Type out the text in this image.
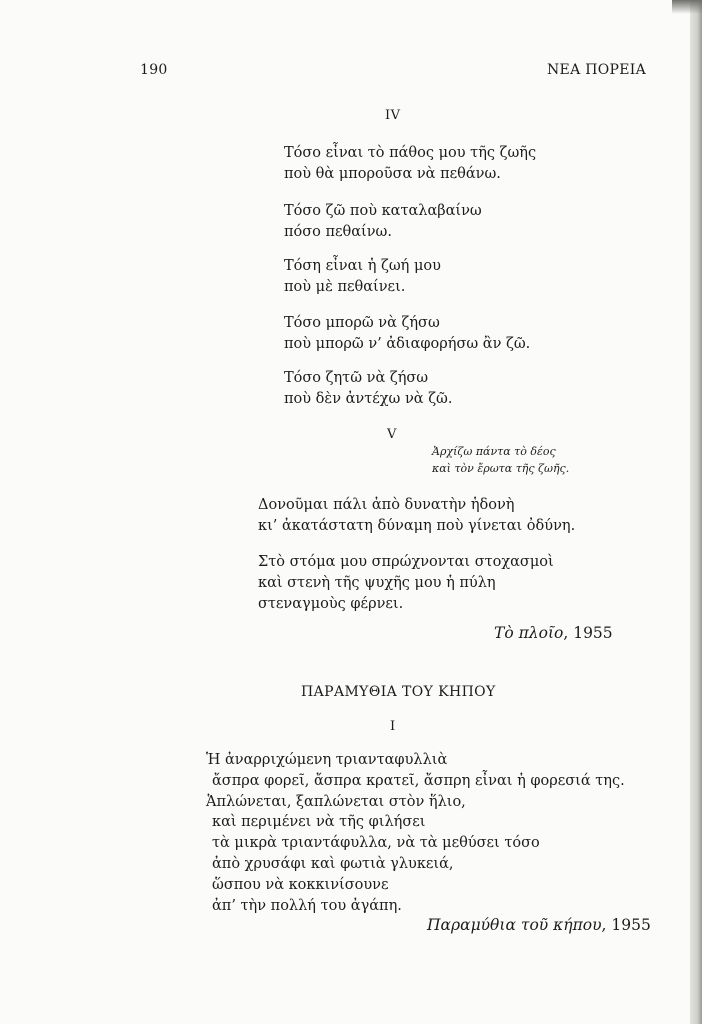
190	ΝΕΑ ΠΟΡΕΙΑ
IV
Τόσο εἶναι τὸ πάθος μου τῆς ζωῆς
ποὺ θὰ μποροῦσα νὰ πεθάνω.
Τόσο ζῶ ποὺ καταλαβαίνω
πόσο πεθαίνω.
Τόση εἶναι ἡ ζωή μου
ποὺ μὲ πεθαίνει.
Τόσο μπορῶ νὰ ζήσω
ποὺ μπορῶ ν’ ἀδιαφορήσω ἂν ζῶ.
Τόσο ζητῶ νὰ ζήσω
ποὺ δὲν ἀντέχω νὰ ζῶ.
V
Ἀρχίζω πάντα τὸ δέος
καὶ τὸν ἔρωτα τῆς ζωῆς.
Δονοῦμαι πάλι ἀπὸ δυνατὴν ἡδονὴ
κι’ ἀκατάστατη δύναμη ποὺ γίνεται ὀδύνη.
Στὸ στόμα μου σπρώχνονται στοχασμοὶ
καὶ στενὴ τῆς ψυχῆς μου ἡ πύλη
στεναγμοὺς φέρνει.
Τὸ πλοῖο, 1955
ΠΑΡΑΜΥΘΙΑ ΤΟΥ ΚΗΠΟΥ
I
Ἡ ἀναρριχώμενη τριανταφυλλιὰ
ἄσπρα φορεῖ, ἄσπρα κρατεῖ, ἄσπρη εἶναι ἡ φορεσιά της.
Ἁπλώνεται, ξαπλώνεται στὸν ἥλιο,
καὶ περιμένει νὰ τῆς φιλήσει
τὰ μικρὰ τριαντάφυλλα, νὰ τὰ μεθύσει τόσο
ἀπὸ χρυσάφι καὶ φωτιὰ γλυκειά,
ὥσπου νὰ κοκκινίσουνε
ἀπ’ τὴν πολλή του ἀγάπη.
Παραμύθια τοῦ κήπου, 1955
